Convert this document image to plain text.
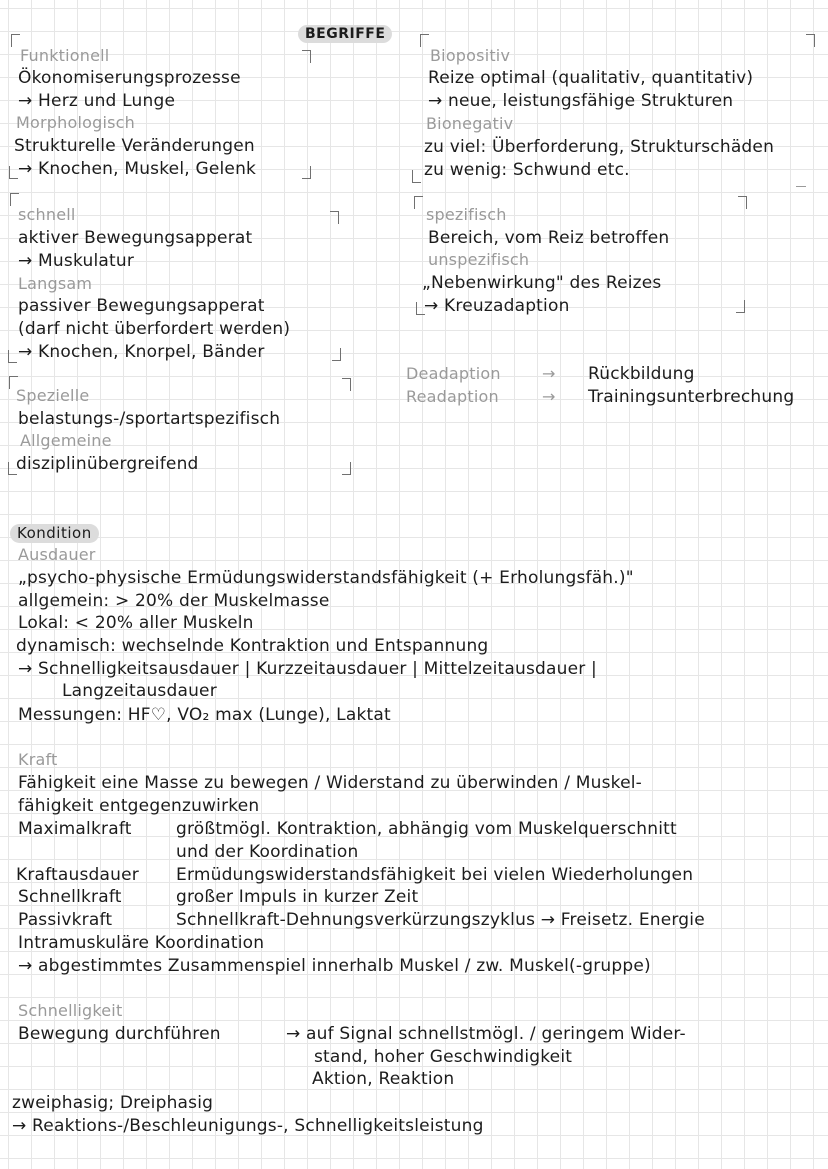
BEGRIFFE
Funktionell
Ökonomiserungsprozesse
→ Herz und Lunge
Morphologisch
Strukturelle Veränderungen
→ Knochen, Muskel, Gelenk
Biopositiv
Reize optimal (qualitativ, quantitativ)
→ neue, leistungsfähige Strukturen
Bionegativ
zu viel: Überforderung, Strukturschäden
zu wenig: Schwund etc.
schnell
aktiver Bewegungsapperat
→ Muskulatur
Langsam
passiver Bewegungsapperat
(darf nicht überfordert werden)
→ Knochen, Knorpel, Bänder
spezifisch
Bereich, vom Reiz betroffen
unspezifisch
„Nebenwirkung" des Reizes
→ Kreuzadaption
Deadaption	→ Rückbildung
Readaption	→ Trainingsunterbrechung
Spezielle
belastungs-/sportartspezifisch
Allgemeine
disziplinübergreifend
Kondition
Ausdauer
„psycho-physische Ermüdungswiderstandsfähigkeit (+ Erholungsfäh.)"
allgemein: > 20% der Muskelmasse
Lokal: < 20% aller Muskeln
dynamisch: wechselnde Kontraktion und Entspannung
→ Schnelligkeitsausdauer | Kurzzeitausdauer | Mittelzeitausdauer |
Langzeitausdauer
Messungen: HF♡, VO₂ max (Lunge), Laktat
Kraft
Fähigkeit eine Masse zu bewegen / Widerstand zu überwinden / Muskel-
fähigkeit entgegenzuwirken
Maximalkraft	größtmögl. Kontraktion, abhängig vom Muskelquerschnitt
und der Koordination
Kraftausdauer Ermüdungswiderstandsfähigkeit bei vielen Wiederholungen
Schnellkraft	großer Impuls in kurzer Zeit
Passivkraft	Schnellkraft-Dehnungsverkürzungszyklus → Freisetz. Energie
Intramuskuläre Koordination
→ abgestimmtes Zusammenspiel innerhalb Muskel / zw. Muskel(-gruppe)
Schnelligkeit
Bewegung durchführen	→ auf Signal schnellstmögl. / geringem Wider-
stand, hoher Geschwindigkeit
Aktion, Reaktion
zweiphasig; Dreiphasig
→ Reaktions-/Beschleunigungs-, Schnelligkeitsleistung
